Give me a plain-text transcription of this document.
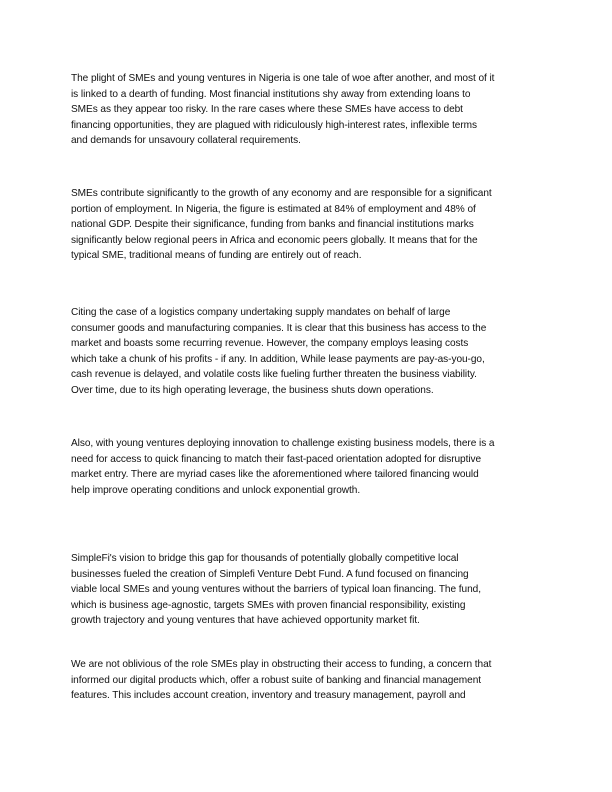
The plight of SMEs and young ventures in Nigeria is one tale of woe after another, and most of it
is linked to a dearth of funding. Most financial institutions shy away from extending loans to
SMEs as they appear too risky. In the rare cases where these SMEs have access to debt
financing opportunities, they are plagued with ridiculously high-interest rates, inflexible terms
and demands for unsavoury collateral requirements.
SMEs contribute significantly to the growth of any economy and are responsible for a significant
portion of employment. In Nigeria, the figure is estimated at 84% of employment and 48% of
national GDP. Despite their significance, funding from banks and financial institutions marks
significantly below regional peers in Africa and economic peers globally. It means that for the
typical SME, traditional means of funding are entirely out of reach.
Citing the case of a logistics company undertaking supply mandates on behalf of large
consumer goods and manufacturing companies. It is clear that this business has access to the
market and boasts some recurring revenue. However, the company employs leasing costs
which take a chunk of his profits - if any. In addition, While lease payments are pay-as-you-go,
cash revenue is delayed, and volatile costs like fueling further threaten the business viability.
Over time, due to its high operating leverage, the business shuts down operations.
Also, with young ventures deploying innovation to challenge existing business models, there is a
need for access to quick financing to match their fast-paced orientation adopted for disruptive
market entry. There are myriad cases like the aforementioned where tailored financing would
help improve operating conditions and unlock exponential growth.
SimpleFi's vision to bridge this gap for thousands of potentially globally competitive local
businesses fueled the creation of Simplefi Venture Debt Fund. A fund focused on financing
viable local SMEs and young ventures without the barriers of typical loan financing. The fund,
which is business age-agnostic, targets SMEs with proven financial responsibility, existing
growth trajectory and young ventures that have achieved opportunity market fit.
We are not oblivious of the role SMEs play in obstructing their access to funding, a concern that
informed our digital products which, offer a robust suite of banking and financial management
features. This includes account creation, inventory and treasury management, payroll and
